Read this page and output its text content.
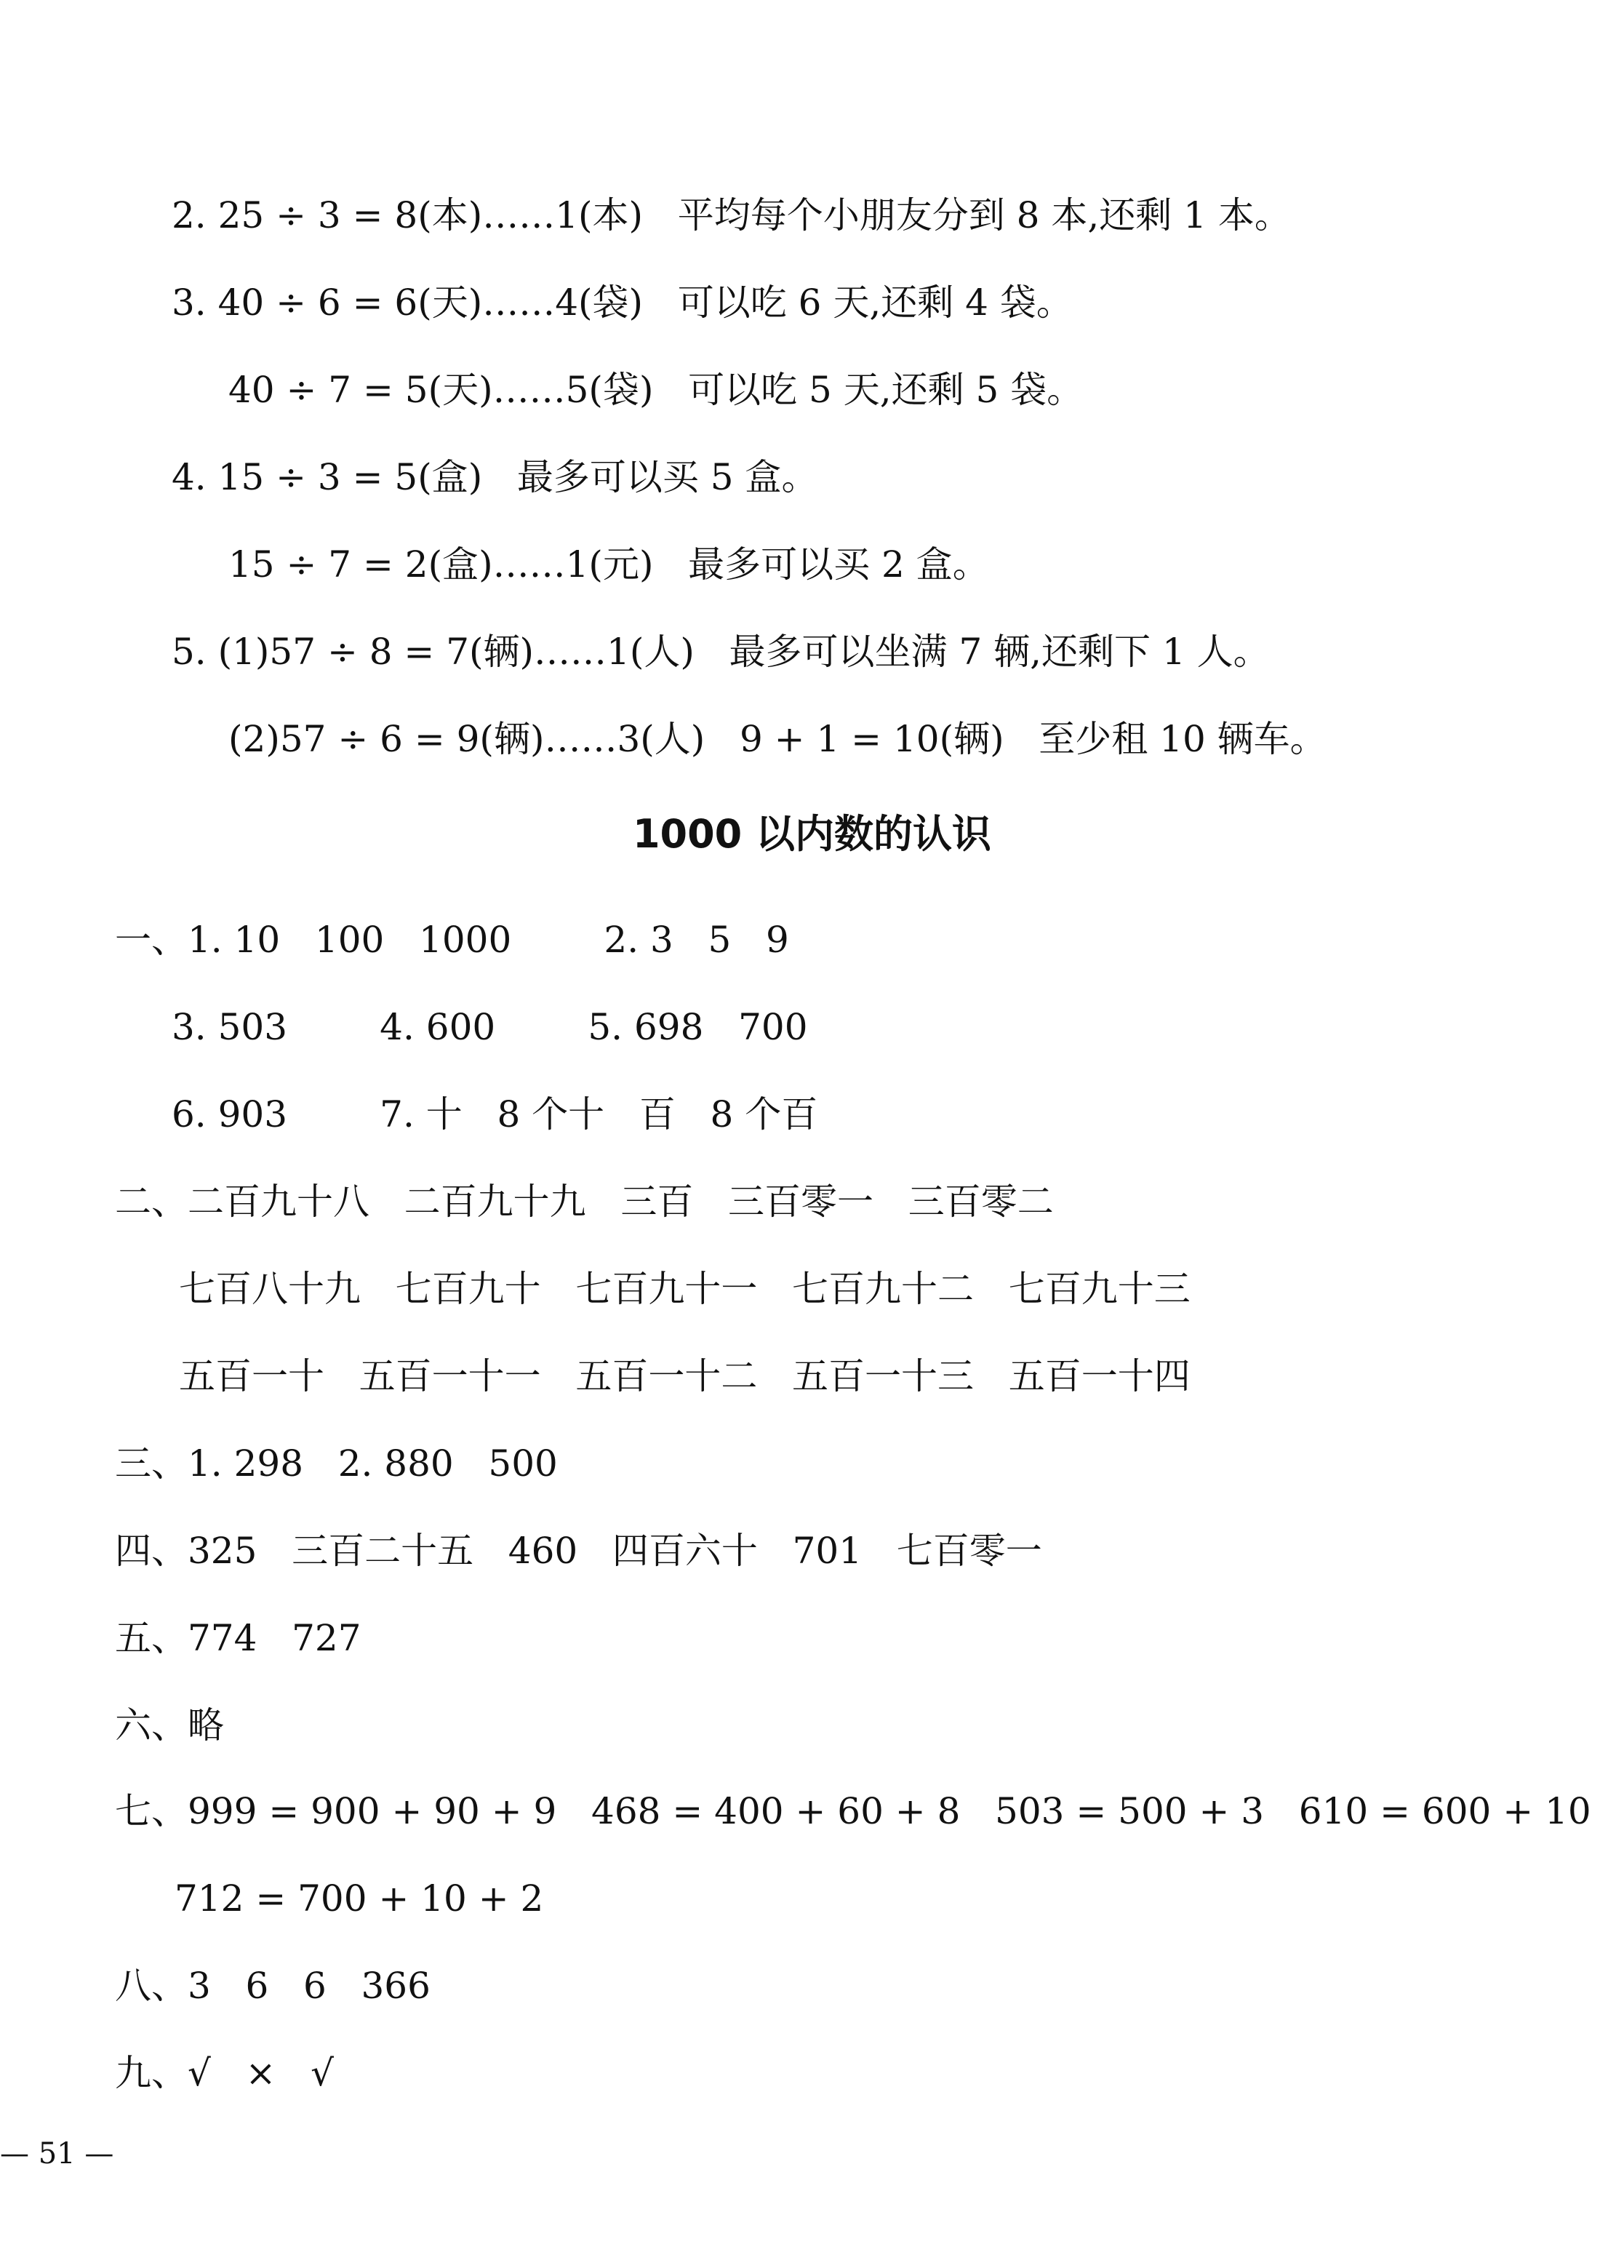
2. 25 ÷ 3 = 8(本)……1(本)   平均每个小朋友分到 8 本,还剩 1 本。
3. 40 ÷ 6 = 6(天)……4(袋)   可以吃 6 天,还剩 4 袋。
40 ÷ 7 = 5(天)……5(袋)   可以吃 5 天,还剩 5 袋。
4. 15 ÷ 3 = 5(盒)   最多可以买 5 盒。
15 ÷ 7 = 2(盒)……1(元)   最多可以买 2 盒。
5. (1)57 ÷ 8 = 7(辆)……1(人)   最多可以坐满 7 辆,还剩下 1 人。
(2)57 ÷ 6 = 9(辆)……3(人)   9 + 1 = 10(辆)   至少租 10 辆车。
1000 以内数的认识
一、1. 10   100   1000        2. 3   5   9
3. 503        4. 600        5. 698   700
6. 903        7. 十   8 个十   百   8 个百
二、二百九十八   二百九十九   三百   三百零一   三百零二
七百八十九   七百九十   七百九十一   七百九十二   七百九十三
五百一十   五百一十一   五百一十二   五百一十三   五百一十四
三、1. 298   2. 880   500
四、325   三百二十五   460   四百六十   701   七百零一
五、774   727
六、略
七、999 = 900 + 90 + 9   468 = 400 + 60 + 8   503 = 500 + 3   610 = 600 + 10
712 = 700 + 10 + 2
八、3   6   6   366
九、√   ×   √
— 51 —
